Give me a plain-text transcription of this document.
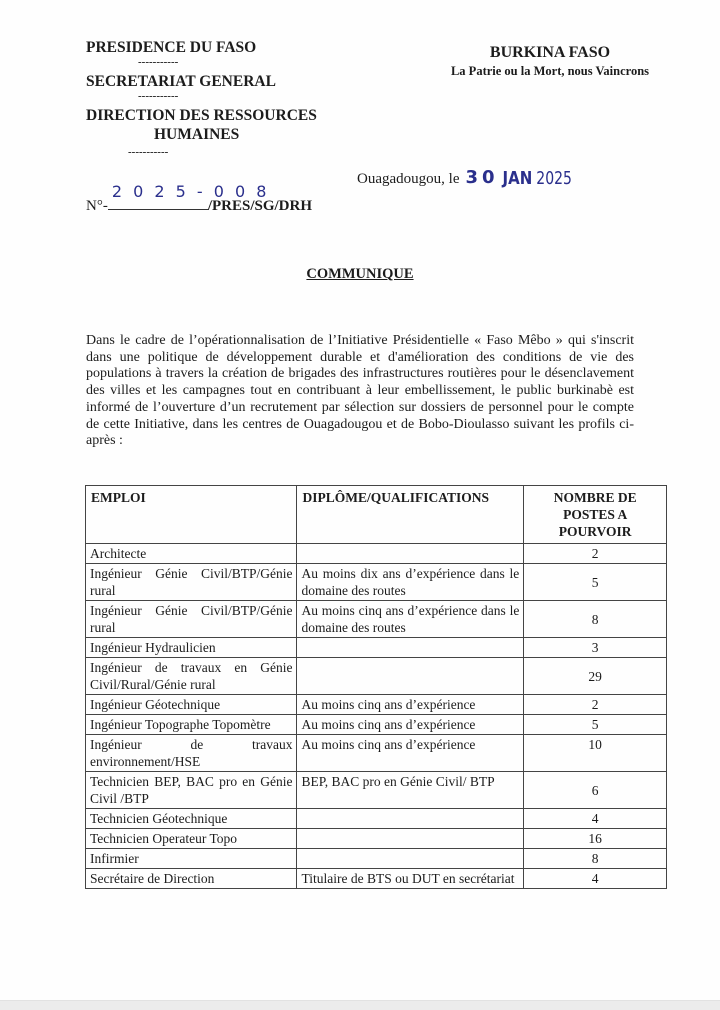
PRESIDENCE DU FASO
-----------
SECRETARIAT GENERAL
-----------
DIRECTION DES RESSOURCES
HUMAINES
-----------
BURKINA FASO
La Patrie ou la Mort, nous Vaincrons
Ouagadougou, le 30 JAN 2025
N°-
2 0 2 5 - 0 0 8
/PRES/SG/DRH
COMMUNIQUE
Dans le cadre de l’opérationnalisation de l’Initiative Présidentielle « Faso Mêbo » qui s'inscrit dans une politique de développement durable et d'amélioration des conditions de vie des populations à travers la création de brigades des infrastructures routières pour le désenclavement des villes et les campagnes tout en contribuant à leur embellissement, le public burkinabè est informé de l’ouverture d’un recrutement par sélection sur dossiers de personnel pour le compte de cette Initiative, dans les centres de Ouagadougou et de Bobo-Dioulasso suivant les profils ci-après :
EMPLOI	DIPLÔME/QUALIFICATIONS	NOMBRE DE POSTES A POURVOIR
Architecte		2
Ingénieur Génie Civil/BTP/Génie rural	Au moins dix ans d’expérience dans le domaine des routes	5
Ingénieur Génie Civil/BTP/Génie rural	Au moins cinq ans d’expérience dans le domaine des routes	8
Ingénieur Hydraulicien		3
Ingénieur de travaux en Génie Civil/Rural/Génie rural		29
Ingénieur Géotechnique	Au moins cinq ans d’expérience	2
Ingénieur Topographe Topomètre	Au moins cinq ans d’expérience	5
Ingénieur de travaux environnement/HSE	Au moins cinq ans d’expérience	10
Technicien BEP, BAC pro en Génie Civil /BTP	BEP, BAC pro en Génie Civil/ BTP	6
Technicien Géotechnique		4
Technicien Operateur Topo		16
Infirmier		8
Secrétaire de Direction	Titulaire de BTS ou DUT en secrétariat	4
